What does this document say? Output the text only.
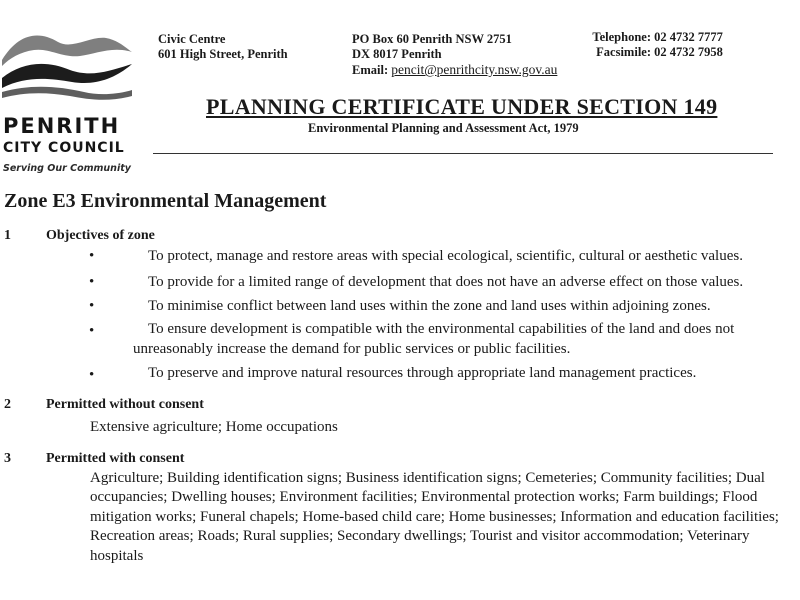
PENRITH
CITY COUNCIL
Serving Our Community
Civic Centre
601 High Street, Penrith
PO Box 60 Penrith NSW 2751
DX 8017 Penrith
Email: pencit@penrithcity.nsw.gov.au
Telephone: 02 4732 7777
Facsimile: 02 4732 7958
PLANNING CERTIFICATE UNDER SECTION 149
Environmental Planning and Assessment Act, 1979
Zone E3 Environmental Management
1	Objectives of zone
•	To protect, manage and restore areas with special ecological, scientific, cultural or aesthetic values.
•	To provide for a limited range of development that does not have an adverse effect on those values.
•	To minimise conflict between land uses within the zone and land uses within adjoining zones.
•	To ensure development is compatible with the environmental capabilities of the land and does not
unreasonably increase the demand for public services or public facilities.
•	To preserve and improve natural resources through appropriate land management practices.
2	Permitted without consent
Extensive agriculture; Home occupations
3	Permitted with consent
Agriculture; Building identification signs; Business identification signs; Cemeteries; Community facilities; Dual occupancies; Dwelling houses; Environment facilities; Environmental protection works; Farm buildings; Flood mitigation works; Funeral chapels; Home-based child care; Home businesses; Information and education facilities; Recreation areas; Roads; Rural supplies; Secondary dwellings; Tourist and visitor accommodation; Veterinary hospitals
